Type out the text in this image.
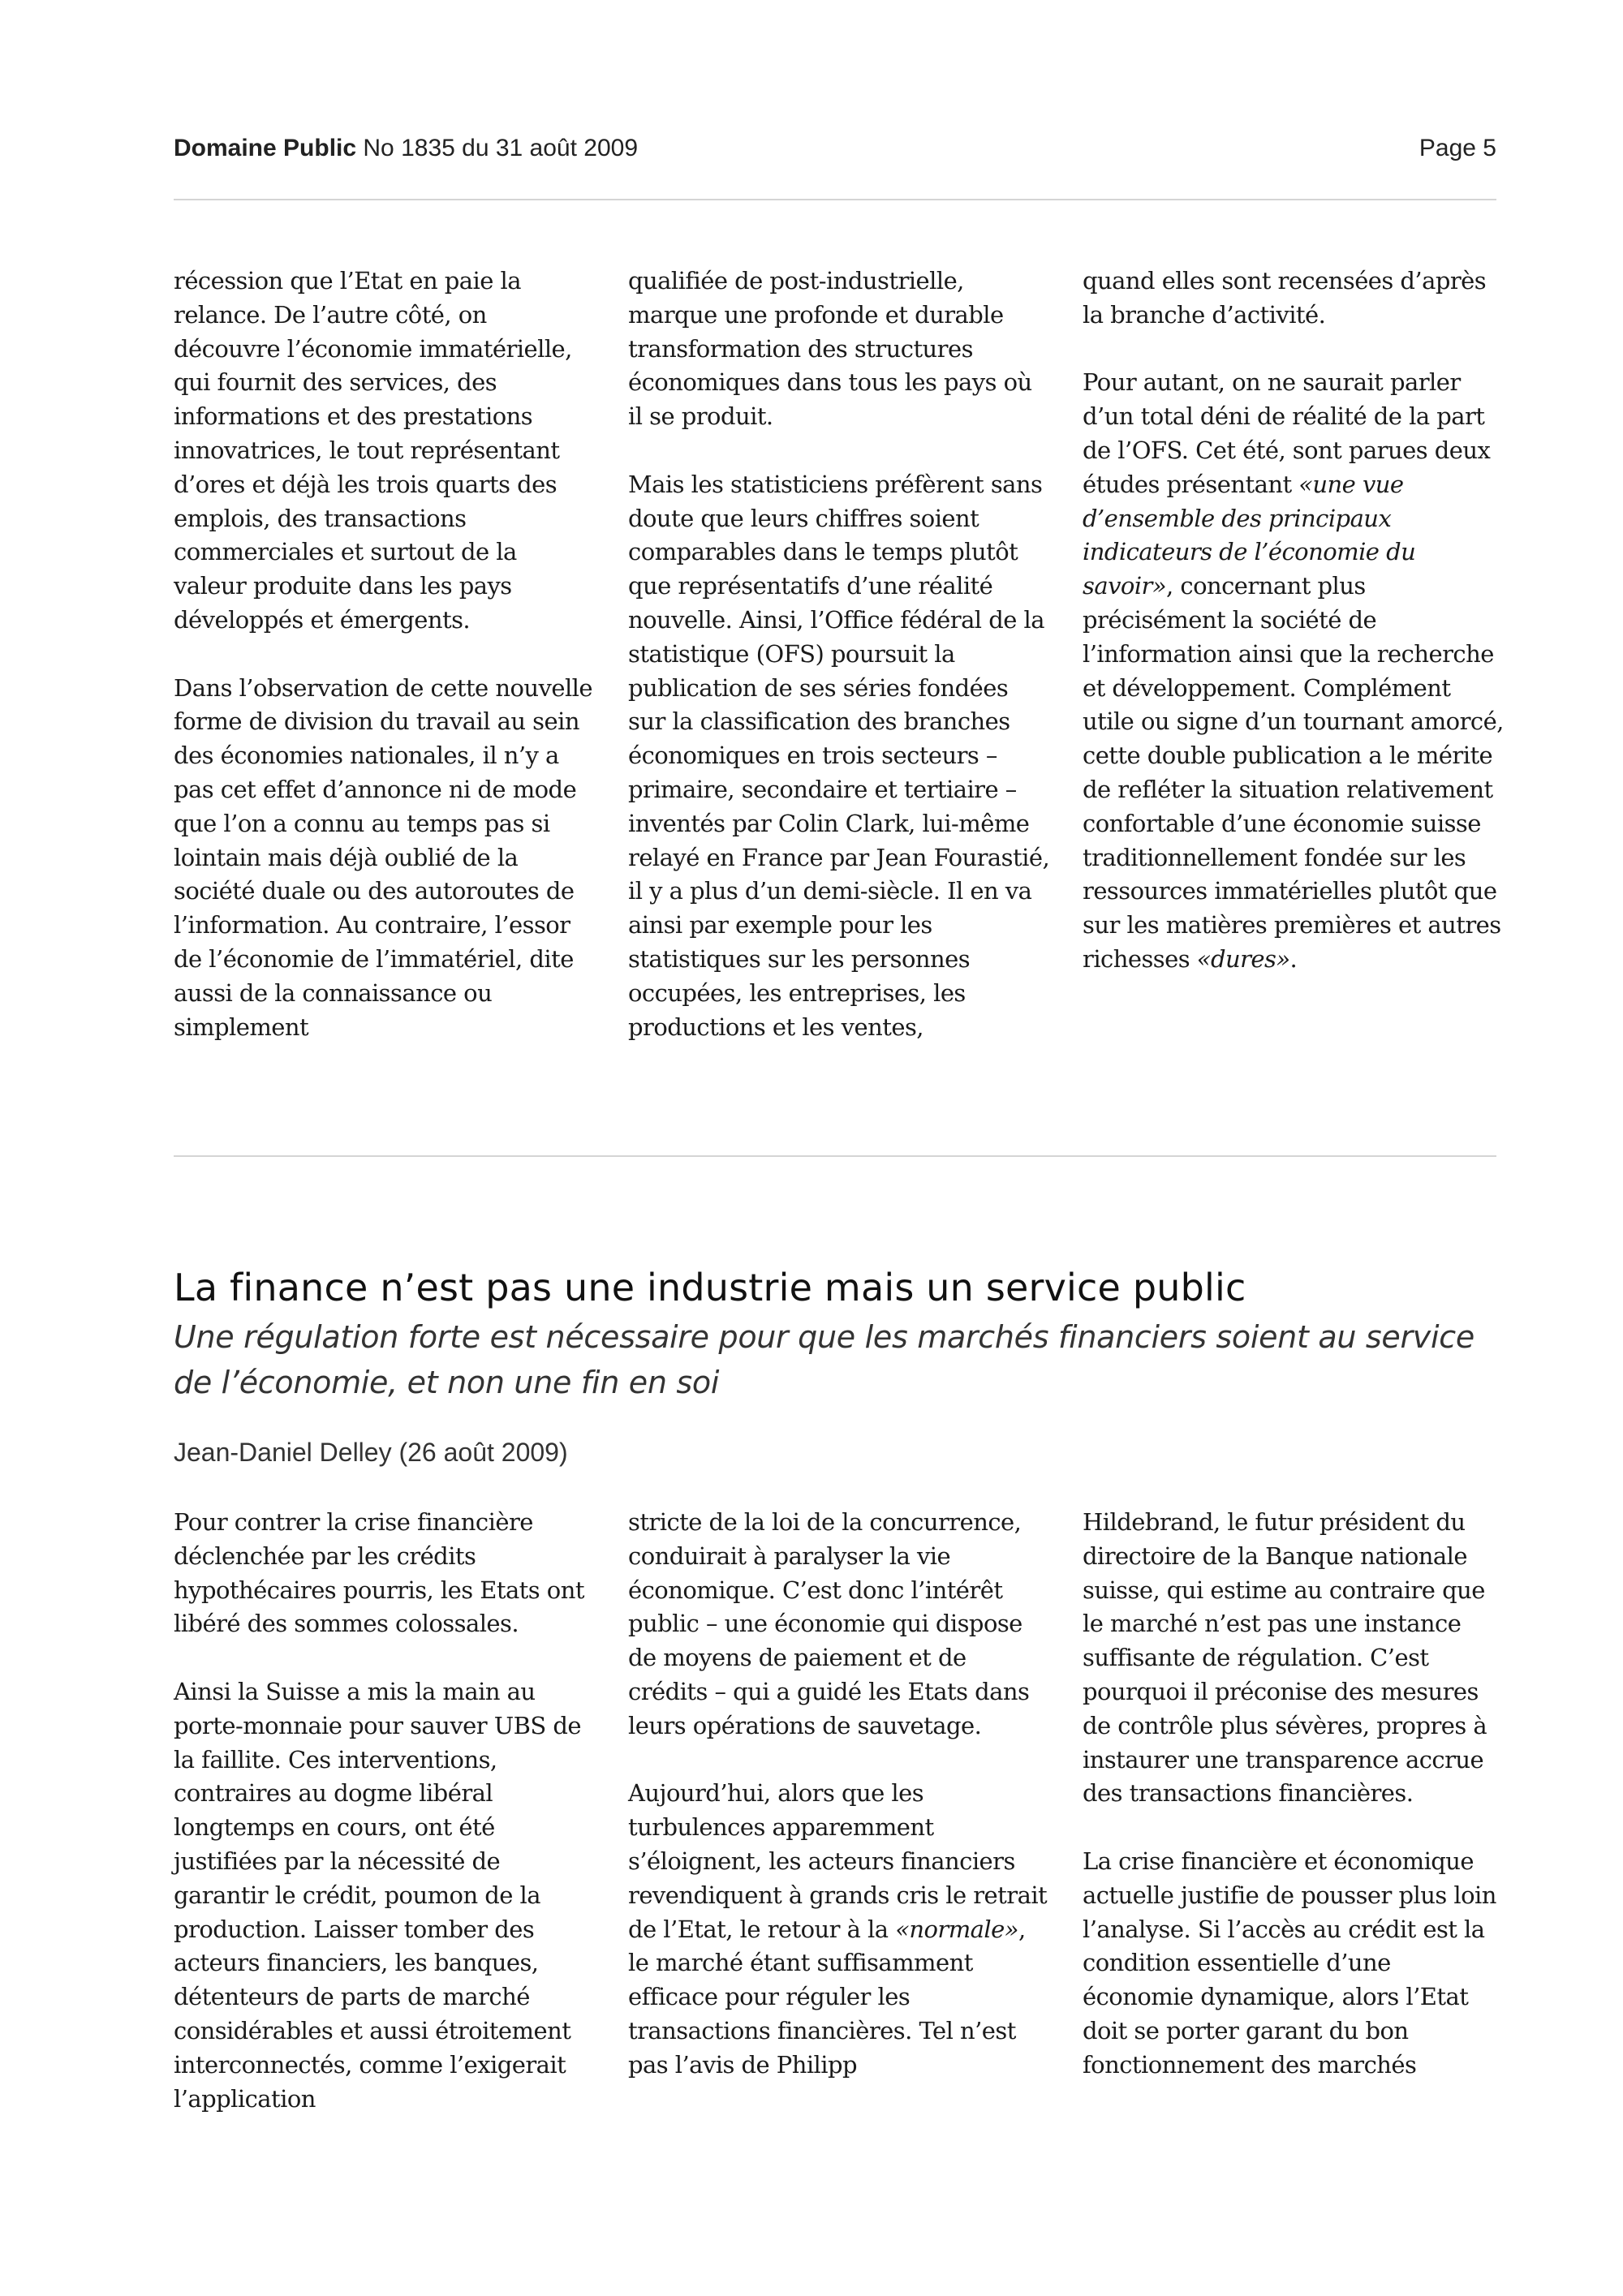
Domaine Public No 1835 du 31 août 2009	Page 5

récession que l’Etat en paie la relance. De l’autre côté, on découvre l’économie immatérielle, qui fournit des services, des informations et des prestations innovatrices, le tout représentant d’ores et déjà les trois quarts des emplois, des transactions commerciales et surtout de la valeur produite dans les pays développés et émergents.

Dans l’observation de cette nouvelle forme de division du travail au sein des économies nationales, il n’y a pas cet effet d’annonce ni de mode que l’on a connu au temps pas si lointain mais déjà oublié de la société duale ou des autoroutes de l’information. Au contraire, l’essor de l’économie de l’immatériel, dite aussi de la connaissance ou simplement

qualifiée de post-industrielle, marque une profonde et durable transformation des structures économiques dans tous les pays où il se produit.

Mais les statisticiens préfèrent sans doute que leurs chiffres soient comparables dans le temps plutôt que représentatifs d’une réalité nouvelle. Ainsi, l’Office fédéral de la statistique (OFS) poursuit la publication de ses séries fondées sur la classification des branches économiques en trois secteurs – primaire, secondaire et tertiaire – inventés par Colin Clark, lui-même relayé en France par Jean Fourastié, il y a plus d’un demi-siècle. Il en va ainsi par exemple pour les statistiques sur les personnes occupées, les entreprises, les productions et les ventes,

quand elles sont recensées d’après la branche d’activité.

Pour autant, on ne saurait parler d’un total déni de réalité de la part de l’OFS. Cet été, sont parues deux études présentant «une vue d’ensemble des principaux indicateurs de l’économie du savoir», concernant plus précisément la société de l’information ainsi que la recherche et développement. Complément utile ou signe d’un tournant amorcé, cette double publication a le mérite de refléter la situation relativement confortable d’une économie suisse traditionnellement fondée sur les ressources immatérielles plutôt que sur les matières premières et autres richesses «dures».

La finance n’est pas une industrie mais un service public
Une régulation forte est nécessaire pour que les marchés financiers soient au service de l’économie, et non une fin en soi
Jean-Daniel Delley (26 août 2009)

Pour contrer la crise financière déclenchée par les crédits hypothécaires pourris, les Etats ont libéré des sommes colossales.

Ainsi la Suisse a mis la main au porte-monnaie pour sauver UBS de la faillite. Ces interventions, contraires au dogme libéral longtemps en cours, ont été justifiées par la nécessité de garantir le crédit, poumon de la production. Laisser tomber des acteurs financiers, les banques, détenteurs de parts de marché considérables et aussi étroitement interconnectés, comme l’exigerait l’application

stricte de la loi de la concurrence, conduirait à paralyser la vie économique. C’est donc l’intérêt public – une économie qui dispose de moyens de paiement et de crédits – qui a guidé les Etats dans leurs opérations de sauvetage.

Aujourd’hui, alors que les turbulences apparemment s’éloignent, les acteurs financiers revendiquent à grands cris le retrait de l’Etat, le retour à la «normale», le marché étant suffisamment efficace pour réguler les transactions financières. Tel n’est pas l’avis de Philipp

Hildebrand, le futur président du directoire de la Banque nationale suisse, qui estime au contraire que le marché n’est pas une instance suffisante de régulation. C’est pourquoi il préconise des mesures de contrôle plus sévères, propres à instaurer une transparence accrue des transactions financières.

La crise financière et économique actuelle justifie de pousser plus loin l’analyse. Si l’accès au crédit est la condition essentielle d’une économie dynamique, alors l’Etat doit se porter garant du bon fonctionnement des marchés
